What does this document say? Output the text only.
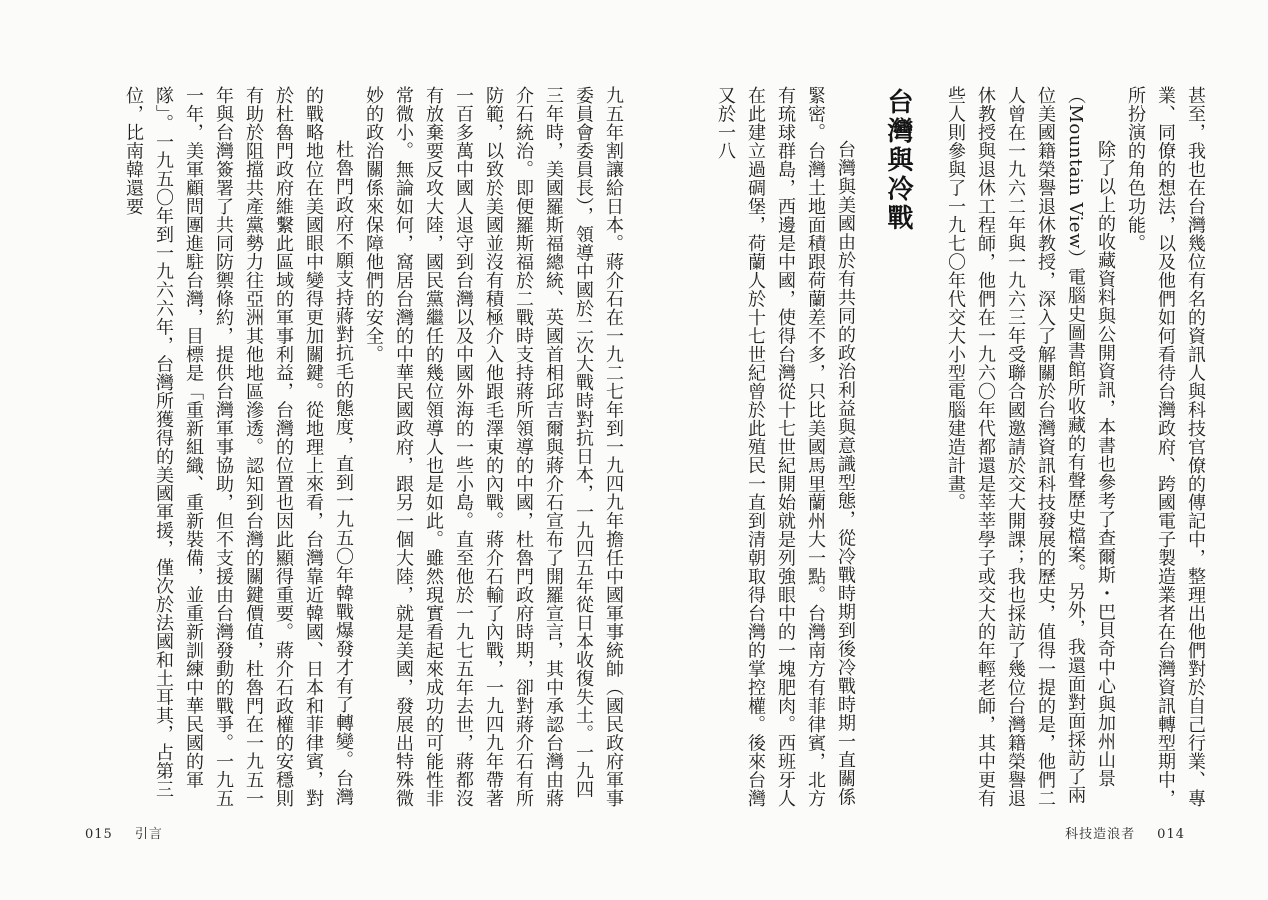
九五年割讓給日本。蔣介石在一九二七年到一九四九年擔任中國軍事統帥（國民政府軍事委員會委員長），領導中國於二次大戰時對抗日本，一九四五年從日本收復失土。一九四三年時，美國羅斯福總統、英國首相邱吉爾與蔣介石宣布了開羅宣言，其中承認台灣由蔣介石統治。即便羅斯福於二戰時支持蔣所領導的中國，杜魯門政府時期，卻對蔣介石有所防範，以致於美國並沒有積極介入他跟毛澤東的內戰。蔣介石輸了內戰，一九四九年帶著一百多萬中國人退守到台灣以及中國外海的一些小島。直至他於一九七五年去世，蔣都沒有放棄要反攻大陸，國民黨繼任的幾位領導人也是如此。雖然現實看起來成功的可能性非常微小。無論如何，窩居台灣的中華民國政府，跟另一個大陸，就是美國，發展出特殊微妙的政治關係來保障他們的安全。

杜魯門政府不願支持蔣對抗毛的態度，直到一九五〇年韓戰爆發才有了轉變。台灣的戰略地位在美國眼中變得更加關鍵。從地理上來看，台灣靠近韓國、日本和菲律賓，對於杜魯門政府維繫此區域的軍事利益，台灣的位置也因此顯得重要。蔣介石政權的安穩則有助於阻擋共產黨勢力往亞洲其他地區滲透。認知到台灣的關鍵價值，杜魯門在一九五一年與台灣簽署了共同防禦條約，提供台灣軍事協助，但不支援由台灣發動的戰爭。一九五一年，美軍顧問團進駐台灣，目標是「重新組織、重新裝備，並重新訓練中華民國的軍隊」。一九五〇年到一九六六年，台灣所獲得的美國軍援，僅次於法國和土耳其，占第三位，比南韓還要

015 引言

甚至，我也在台灣幾位有名的資訊人與科技官僚的傳記中，整理出他們對於自己行業、專業、同僚的想法，以及他們如何看待台灣政府、跨國電子製造業者在台灣資訊轉型期中，所扮演的角色功能。

除了以上的收藏資料與公開資訊，本書也參考了查爾斯・巴貝奇中心與加州山景（Mountain View）電腦史圖書館所收藏的有聲歷史檔案。另外，我還面對面採訪了兩位美國籍榮譽退休教授，深入了解關於台灣資訊科技發展的歷史，值得一提的是，他們二人曾在一九六二年與一九六三年受聯合國邀請於交大開課；我也採訪了幾位台灣籍榮譽退休教授與退休工程師，他們在一九六〇年代都還是莘莘學子或交大的年輕老師，其中更有些人則參與了一九七〇年代交大小型電腦建造計畫。

台灣與冷戰

台灣與美國由於有共同的政治利益與意識型態，從冷戰時期到後冷戰時期一直關係緊密。台灣土地面積跟荷蘭差不多，只比美國馬里蘭州大一點。台灣南方有菲律賓，北方有琉球群島，西邊是中國，使得台灣從十七世紀開始就是列強眼中的一塊肥肉。西班牙人在此建立過碉堡，荷蘭人於十七世紀曾於此殖民一直到清朝取得台灣的掌控權。後來台灣又於一八

科技造浪者 014
